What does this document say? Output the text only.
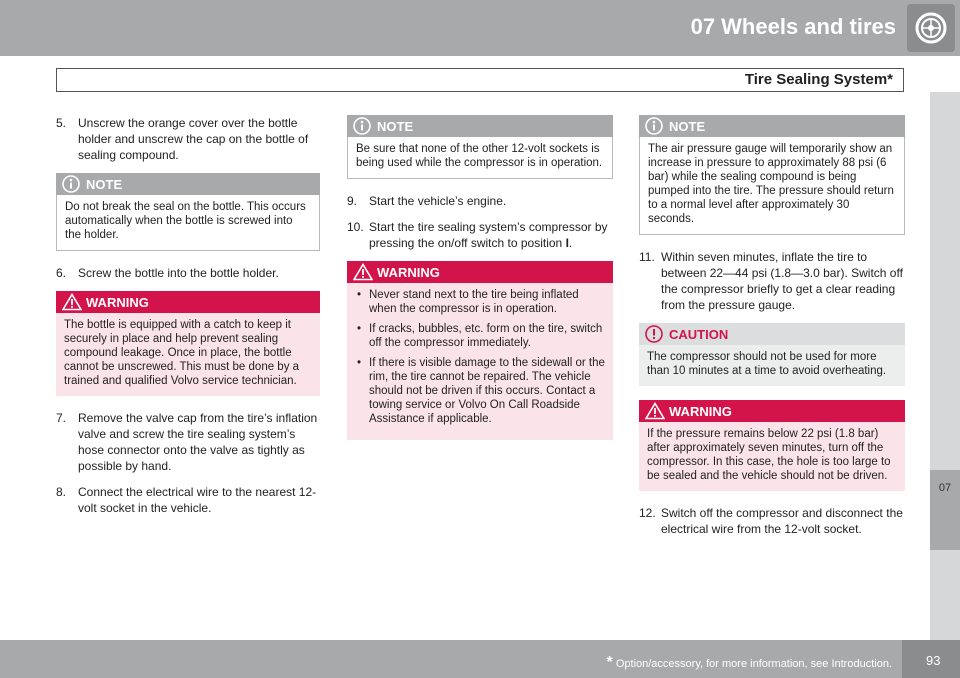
07 Wheels and tires
Tire Sealing System*
07
5. Unscrew the orange cover over the bottle holder and unscrew the cap on the bottle of sealing compound.
NOTE
Do not break the seal on the bottle. This occurs automatically when the bottle is screwed into the holder.
6. Screw the bottle into the bottle holder.
WARNING
The bottle is equipped with a catch to keep it securely in place and help prevent sealing compound leakage. Once in place, the bottle cannot be unscrewed. This must be done by a trained and qualified Volvo service technician.
7. Remove the valve cap from the tire’s inflation valve and screw the tire sealing system’s hose connector onto the valve as tightly as possible by hand.
8. Connect the electrical wire to the nearest 12-volt socket in the vehicle.
NOTE
Be sure that none of the other 12-volt sockets is being used while the compressor is in operation.
9. Start the vehicle’s engine.
10. Start the tire sealing system’s compressor by pressing the on/off switch to position I.
WARNING
• Never stand next to the tire being inflated when the compressor is in operation.
• If cracks, bubbles, etc. form on the tire, switch off the compressor immediately.
• If there is visible damage to the sidewall or the rim, the tire cannot be repaired. The vehicle should not be driven if this occurs. Contact a towing service or Volvo On Call Roadside Assistance if applicable.
NOTE
The air pressure gauge will temporarily show an increase in pressure to approximately 88 psi (6 bar) while the sealing compound is being pumped into the tire. The pressure should return to a normal level after approximately 30 seconds.
11. Within seven minutes, inflate the tire to between 22—44 psi (1.8—3.0 bar). Switch off the compressor briefly to get a clear reading from the pressure gauge.
CAUTION
The compressor should not be used for more than 10 minutes at a time to avoid overheating.
WARNING
If the pressure remains below 22 psi (1.8 bar) after approximately seven minutes, turn off the compressor. In this case, the hole is too large to be sealed and the vehicle should not be driven.
12. Switch off the compressor and disconnect the electrical wire from the 12-volt socket.
* Option/accessory, for more information, see Introduction.	93
